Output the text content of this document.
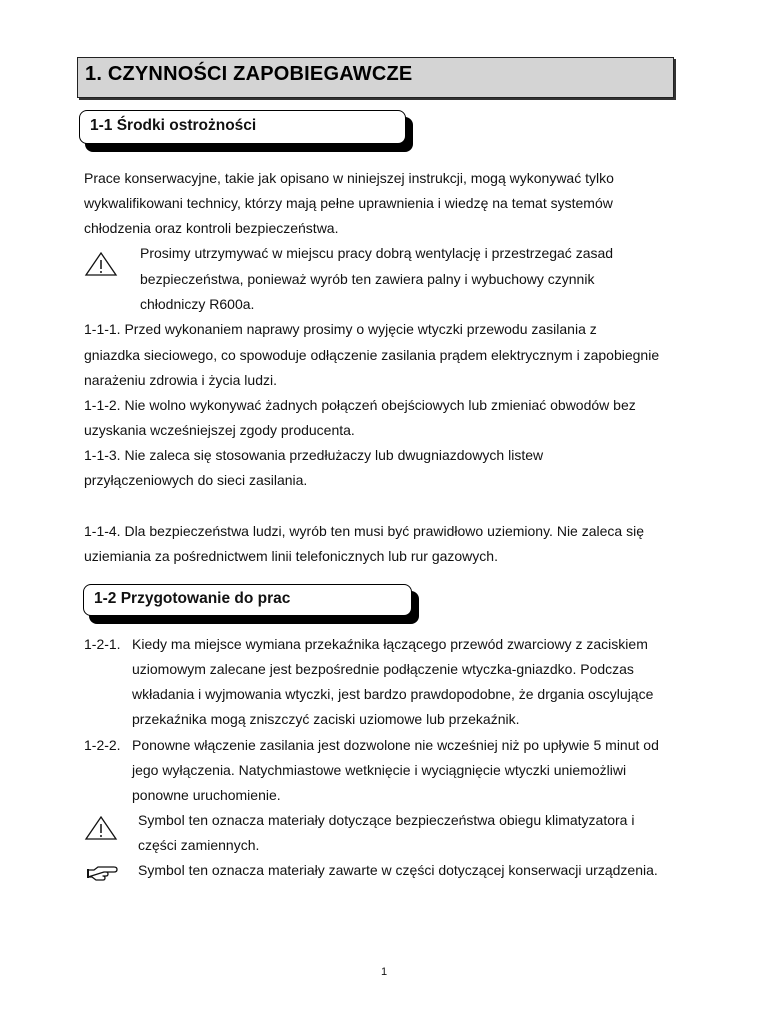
1. CZYNNOŚCI ZAPOBIEGAWCZE
1-1 Środki ostrożności
Prace konserwacyjne, takie jak opisano w niniejszej instrukcji, mogą wykonywać tylko
wykwalifikowani technicy, którzy mają pełne uprawnienia i wiedzę na temat systemów
chłodzenia oraz kontroli bezpieczeństwa.
Prosimy utrzymywać w miejscu pracy dobrą wentylację i przestrzegać zasad
bezpieczeństwa, ponieważ wyrób ten zawiera palny i wybuchowy czynnik
chłodniczy R600a.
1-1-1. Przed wykonaniem naprawy prosimy o wyjęcie wtyczki przewodu zasilania z
gniazdka sieciowego, co spowoduje odłączenie zasilania prądem elektrycznym i zapobiegnie
narażeniu zdrowia i życia ludzi.
1-1-2. Nie wolno wykonywać żadnych połączeń obejściowych lub zmieniać obwodów bez
uzyskania wcześniejszej zgody producenta.
1-1-3. Nie zaleca się stosowania przedłużaczy lub dwugniazdowych listew
przyłączeniowych do sieci zasilania.
1-1-4. Dla bezpieczeństwa ludzi, wyrób ten musi być prawidłowo uziemiony. Nie zaleca się
uziemiania za pośrednictwem linii telefonicznych lub rur gazowych.
1-2 Przygotowanie do prac
1-2-1. Kiedy ma miejsce wymiana przekaźnika łączącego przewód zwarciowy z zaciskiem
uziomowym zalecane jest bezpośrednie podłączenie wtyczka-gniazdko. Podczas
wkładania i wyjmowania wtyczki, jest bardzo prawdopodobne, że drgania oscylujące
przekaźnika mogą zniszczyć zaciski uziomowe lub przekaźnik.
1-2-2. Ponowne włączenie zasilania jest dozwolone nie wcześniej niż po upływie 5 minut od
jego wyłączenia. Natychmiastowe wetknięcie i wyciągnięcie wtyczki uniemożliwi
ponowne uruchomienie.
Symbol ten oznacza materiały dotyczące bezpieczeństwa obiegu klimatyzatora i
części zamiennych.
Symbol ten oznacza materiały zawarte w części dotyczącej konserwacji urządzenia.
1
